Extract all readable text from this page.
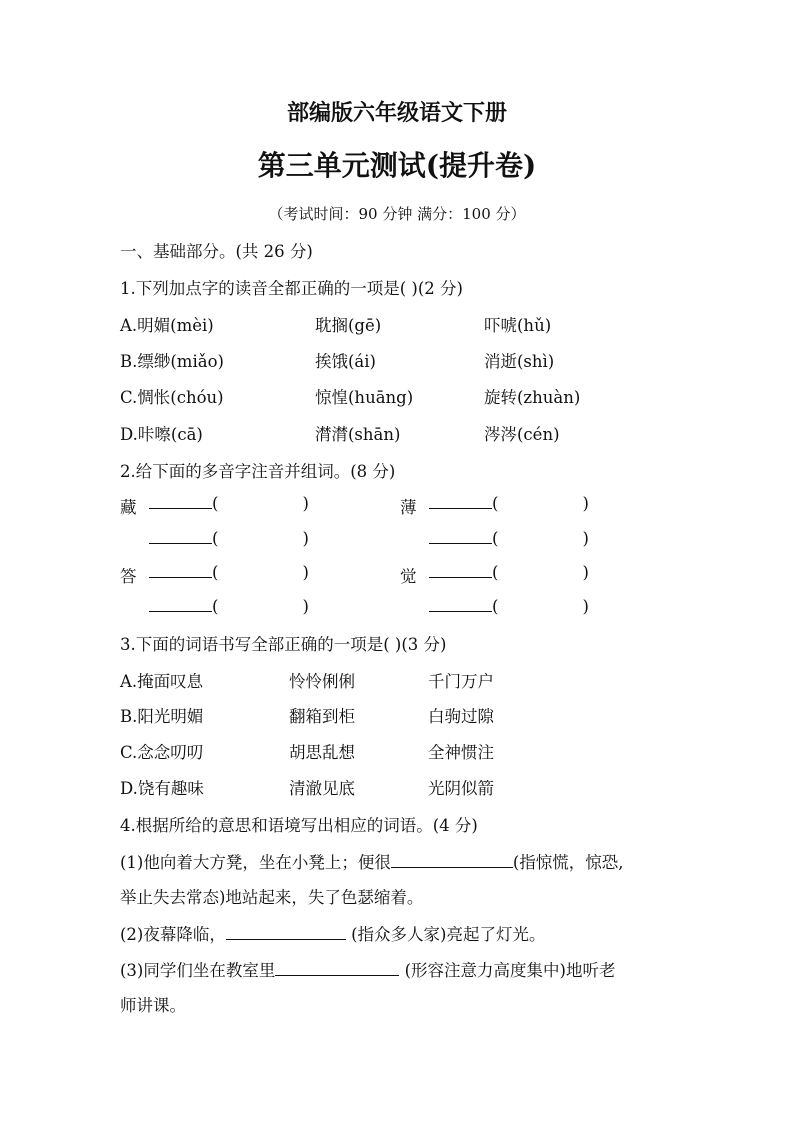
部编版六年级语文下册
第三单元测试(提升卷)
（考试时间：90 分钟 满分：100 分）
一、基础部分。(共 26 分)
1.下列加点字的读音全都正确的一项是( )(2 分)
A.明媚(mèi)	耽搁(gē)	吓唬(hǔ)
B.缥缈(miǎo)	挨饿(ái)	消逝(shì)
C.惆怅(chóu)	惊惶(huāng)	旋转(zhuàn)
D.咔嚓(cā)	潸潸(shān)	涔涔(cén)
2.给下面的多音字注音并组词。(8 分)
藏	(	)	薄	(	)
(	)	(	)
答	(	)	觉	(	)
(	)	(	)
3.下面的词语书写全部正确的一项是( )(3 分)
A.掩面叹息	怜怜俐俐	千门万户
B.阳光明媚	翻箱到柜	白驹过隙
C.念念叨叨	胡思乱想	全神惯注
D.饶有趣味	清澈见底	光阴似箭
4.根据所给的意思和语境写出相应的词语。(4 分)
(1)他向着大方凳，坐在小凳上；便很	(指惊慌，惊恐,
举止失去常态)地站起来，失了色瑟缩着。
(2)夜幕降临，	(指众多人家)亮起了灯光。
(3)同学们坐在教室里	(形容注意力高度集中)地听老
师讲课。
